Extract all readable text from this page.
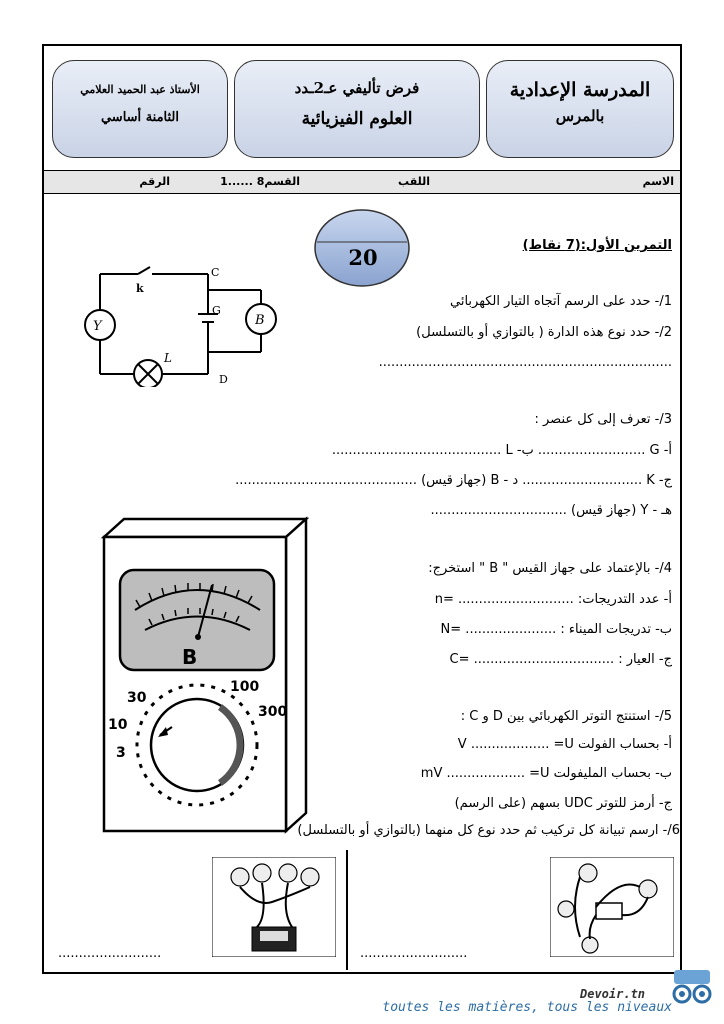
المدرسة الإعدادية
بالمرس
فرض تأليفي عـ2ـدد
العلوم الفيزيائية
الأستاذ عبد الحميد العلامي
الثامنة أساسي
الاسم
اللقب
القسم8 ......1
الرقم
20	التمرين الأول:(7 نقاط)
Y	B
k
C
G
L
D
1/- حدد على الرسم آتجاه التيار الكهربائي
2/- حدد نوع هذه الدارة ( بالتوازي أو بالتسلسل)
.......................................................................
3/- تعرف إلى كل عنصر :
أ- G .......................... ب- L .........................................
ج- K ............................. د - B (جهاز قيس) ............................................
هـ - Y (جهاز قيس) .................................
4/- بالإعتماد على جهاز القيس " B " استخرج:
أ- عدد التدريجات: ............................ =n
ب- تدريجات الميناء : ...................... =N
ج- العيار : .................................. =C
5/- استنتج التوتر الكهربائي بين D و C :
أ- بحساب الفولت V ................... =U
ب- بحساب المليفولت mV ................... =U
ج- أرمز للتوتر UDC بسهم (على الرسم)
6/- ارسم تبيانة كل تركيب ثم حدد نوع كل منهما (بالتوازي أو بالتسلسل)
B
30
10
3
100
300
.........................	..........................
Devoir.tn
toutes les matières, tous les niveaux
